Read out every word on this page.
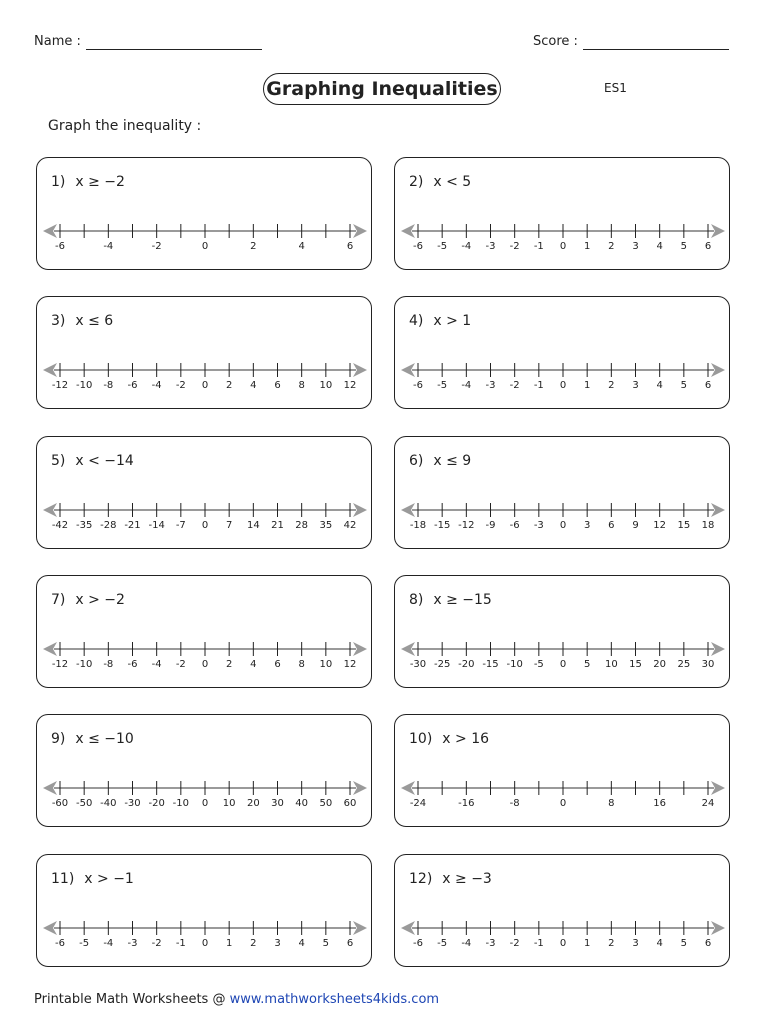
Name :	Score :
Graphing Inequalities	ES1
Graph the inequality :
1) x ≥ −2
-6	-4	-2	0	2	4	6
2) x < 5
-6 -5 -4 -3 -2 -1 0 1 2 3 4 5 6
3) x ≤ 6
-12 -10 -8 -6 -4 -2 0 2 4 6 8 10 12
4) x > 1
-6 -5 -4 -3 -2 -1 0 1 2 3 4 5 6
5) x < −14
-42 -35 -28 -21 -14 -7 0 7 14 21 28 35 42
6) x ≤ 9
-18 -15 -12 -9 -6 -3 0 3 6 9 12 15 18
7) x > −2
-12 -10 -8 -6 -4 -2 0 2 4 6 8 10 12
8) x ≥ −15
-30 -25 -20 -15 -10 -5 0 5 10 15 20 25 30
9) x ≤ −10
-60 -50 -40 -30 -20 -10 0 10 20 30 40 50 60
10) x > 16
-24	-16	-8	0	8	16	24
11) x > −1
-6 -5 -4 -3 -2 -1 0 1 2 3 4 5 6
12) x ≥ −3
-6 -5 -4 -3 -2 -1 0 1 2 3 4 5 6
Printable Math Worksheets @ www.mathworksheets4kids.com
